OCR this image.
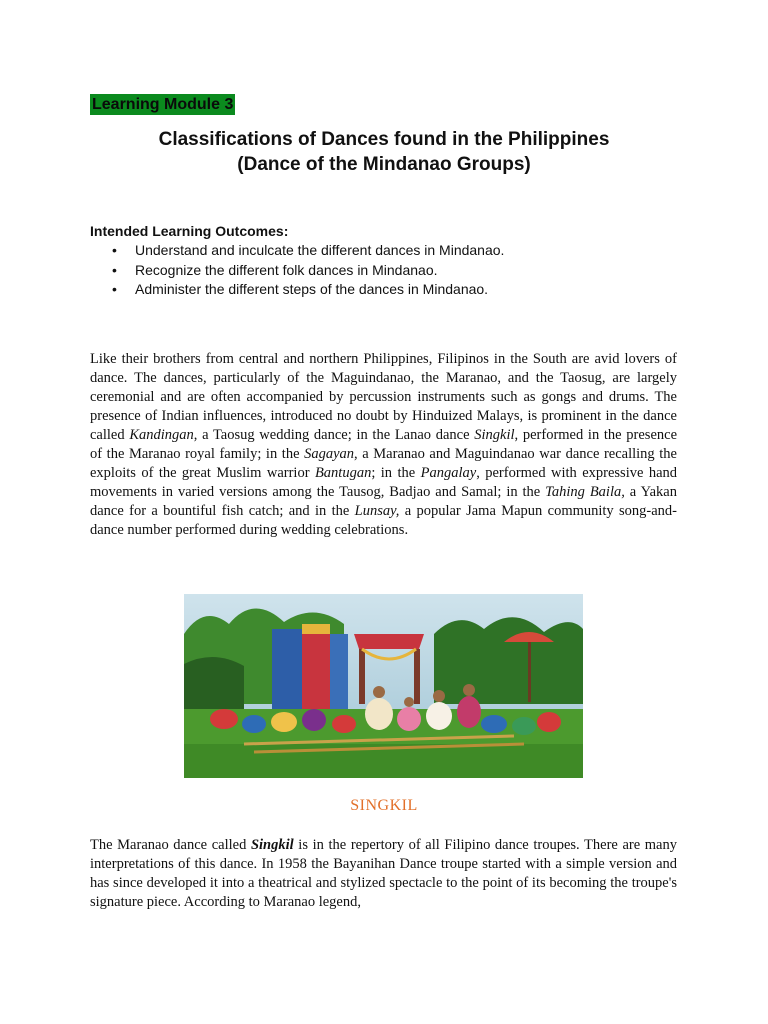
Learning Module 3
Classifications of Dances found in the Philippines
(Dance of the Mindanao Groups)
Intended Learning Outcomes:
• Understand and inculcate the different dances in Mindanao.
• Recognize the different folk dances in Mindanao.
• Administer the different steps of the dances in Mindanao.

Like their brothers from central and northern Philippines, Filipinos in the South are avid lovers of dance. The dances, particularly of the Maguindanao, the Maranao, and the Taosug, are largely ceremonial and are often accompanied by percussion instruments such as gongs and drums. The presence of Indian influences, introduced no doubt by Hinduized Malays, is prominent in the dance called Kandingan, a Taosug wedding dance; in the Lanao dance Singkil, performed in the presence of the Maranao royal family; in the Sagayan, a Maranao and Maguindanao war dance recalling the exploits of the great Muslim warrior Bantugan; in the Pangalay, performed with expressive hand movements in varied versions among the Tausog, Badjao and Samal; in the Tahing Baila, a Yakan dance for a bountiful fish catch; and in the Lunsay, a popular Jama Mapun community song-and-dance number performed during wedding celebrations.

SINGKIL

The Maranao dance called Singkil is in the repertory of all Filipino dance troupes. There are many interpretations of this dance. In 1958 the Bayanihan Dance troupe started with a simple version and has since developed it into a theatrical and stylized spectacle to the point of its becoming the troupe's signature piece. According to Maranao legend,
